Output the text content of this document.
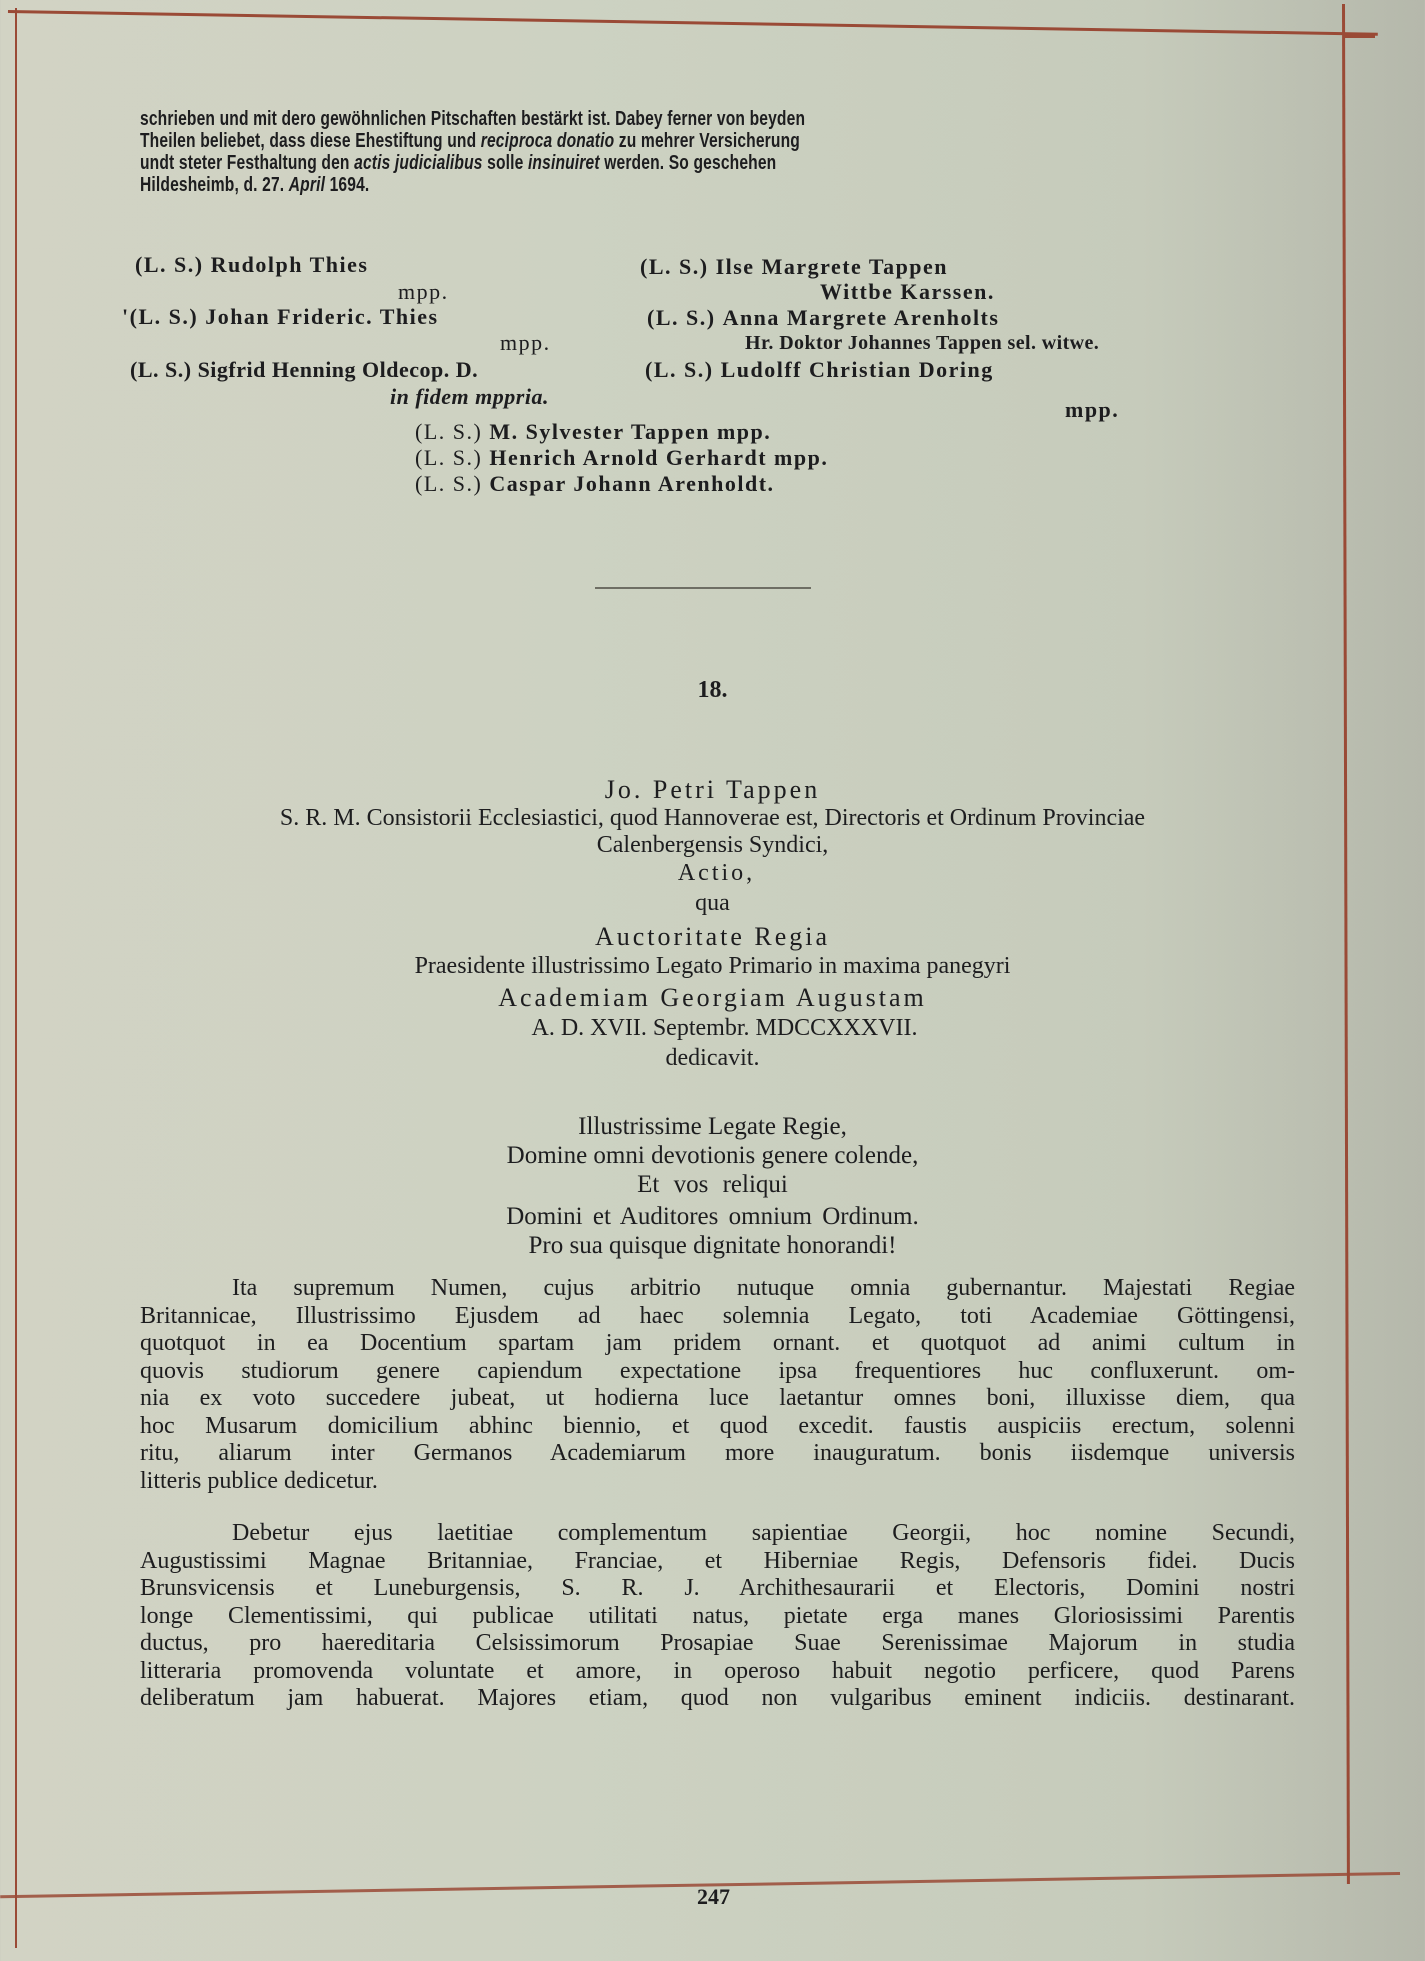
schrieben und mit dero gewöhnlichen Pitschaften bestärkt ist. Dabey ferner von beyden

Theilen beliebet, dass diese Ehestiftung und reciproca donatio zu mehrer Versicherung

undt steter Festhaltung den actis judicialibus solle insinuiret werden. So geschehen

Hildesheimb, d. 27. April 1694.

(L. S.) Rudolph Thies
mpp.
'(L. S.) Johan Frideric. Thies
mpp.
(L. S.) Sigfrid Henning Oldecop. D.
in fidem mppria.
(L. S.) Ilse Margrete Tappen
Wittbe Karssen.
(L. S.) Anna Margrete Arenholts
Hr. Doktor Johannes Tappen sel. witwe.
(L. S.) Ludolff Christian Doring
mpp.
(L. S.) M. Sylvester Tappen mpp.
(L. S.) Henrich Arnold Gerhardt mpp.
(L. S.) Caspar Johann Arenholdt.
18.
Jo. Petri Tappen
S. R. M. Consistorii Ecclesiastici, quod Hannoverae est, Directoris et Ordinum Provinciae
Calenbergensis Syndici,
Actio,
qua
Auctoritate Regia
Praesidente illustrissimo Legato Primario in maxima panegyri
Academiam Georgiam Augustam
A. D. XVII. Septembr. MDCCXXXVII.
dedicavit.
Illustrissime Legate Regie,
Domine omni devotionis genere colende,
Et vos reliqui
Domini et Auditores omnium Ordinum.
Pro sua quisque dignitate honorandi!
Ita supremum Numen, cujus arbitrio nutuque omnia gubernantur. Majestati Regiae
Britannicae, Illustrissimo Ejusdem ad haec solemnia Legato, toti Academiae Göttingensi,
quotquot in ea Docentium spartam jam pridem ornant. et quotquot ad animi cultum in
quovis studiorum genere capiendum expectatione ipsa frequentiores huc confluxerunt. om-
nia ex voto succedere jubeat, ut hodierna luce laetantur omnes boni, illuxisse diem, qua
hoc Musarum domicilium abhinc biennio, et quod excedit. faustis auspiciis erectum, solenni
ritu, aliarum inter Germanos Academiarum more inauguratum. bonis iisdemque universis
litteris publice dedicetur.
Debetur ejus laetitiae complementum sapientiae Georgii, hoc nomine Secundi,
Augustissimi Magnae Britanniae, Franciae, et Hiberniae Regis, Defensoris fidei. Ducis
Brunsvicensis et Luneburgensis, S. R. J. Archithesaurarii et Electoris, Domini nostri
longe Clementissimi, qui publicae utilitati natus, pietate erga manes Gloriosissimi Parentis
ductus, pro haereditaria Celsissimorum Prosapiae Suae Serenissimae Majorum in studia
litteraria promovenda voluntate et amore, in operoso habuit negotio perficere, quod Parens
deliberatum jam habuerat. Majores etiam, quod non vulgaribus eminent indiciis. destinarant.
247
